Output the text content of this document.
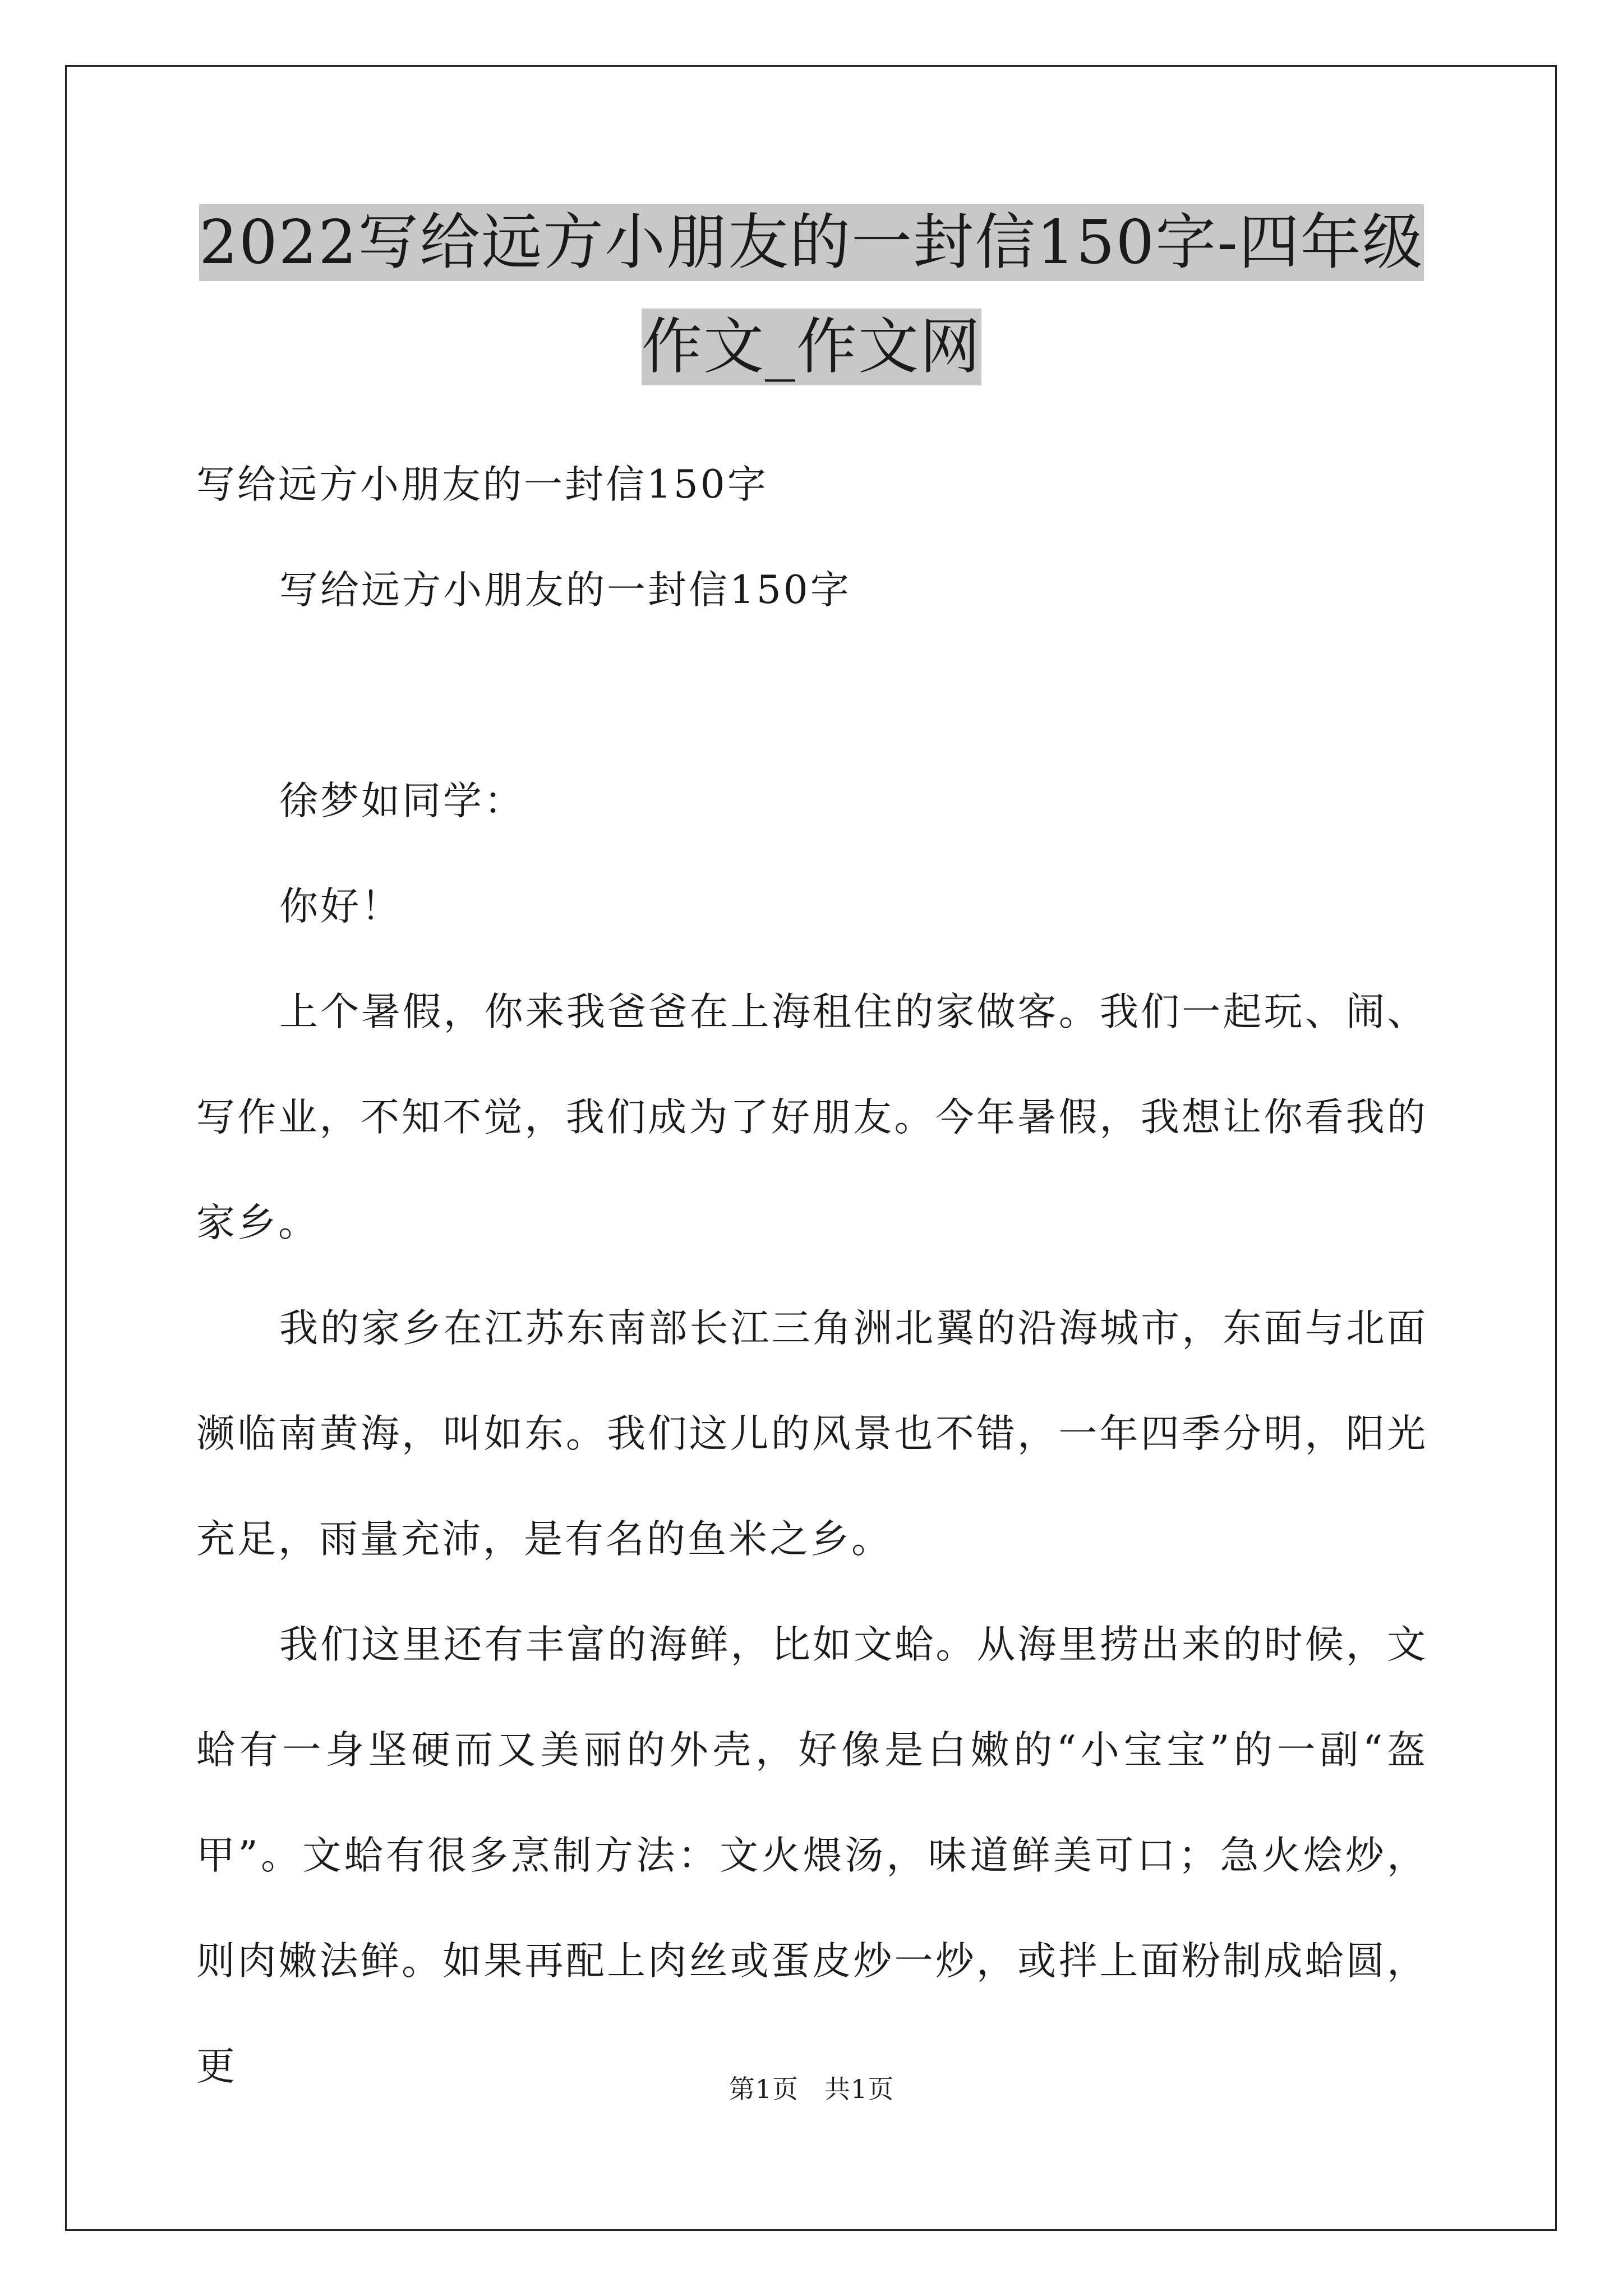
2022写给远方小朋友的一封信150字-四年级作文_作文网

写给远方小朋友的一封信150字

写给远方小朋友的一封信150字

徐梦如同学：

你好！

上个暑假，你来我爸爸在上海租住的家做客。我们一起玩、闹、写作业，不知不觉，我们成为了好朋友。今年暑假，我想让你看我的家乡。

我的家乡在江苏东南部长江三角洲北翼的沿海城市，东面与北面濒临南黄海，叫如东。我们这儿的风景也不错，一年四季分明，阳光充足，雨量充沛，是有名的鱼米之乡。

我们这里还有丰富的海鲜，比如文蛤。从海里捞出来的时候，文蛤有一身坚硬而又美丽的外壳，好像是白嫩的“小宝宝”的一副“盔甲”。文蛤有很多烹制方法：文火煨汤，味道鲜美可口；急火烩炒，则肉嫩法鲜。如果再配上肉丝或蛋皮炒一炒，或拌上面粉制成蛤圆，更	第1页 共1页
